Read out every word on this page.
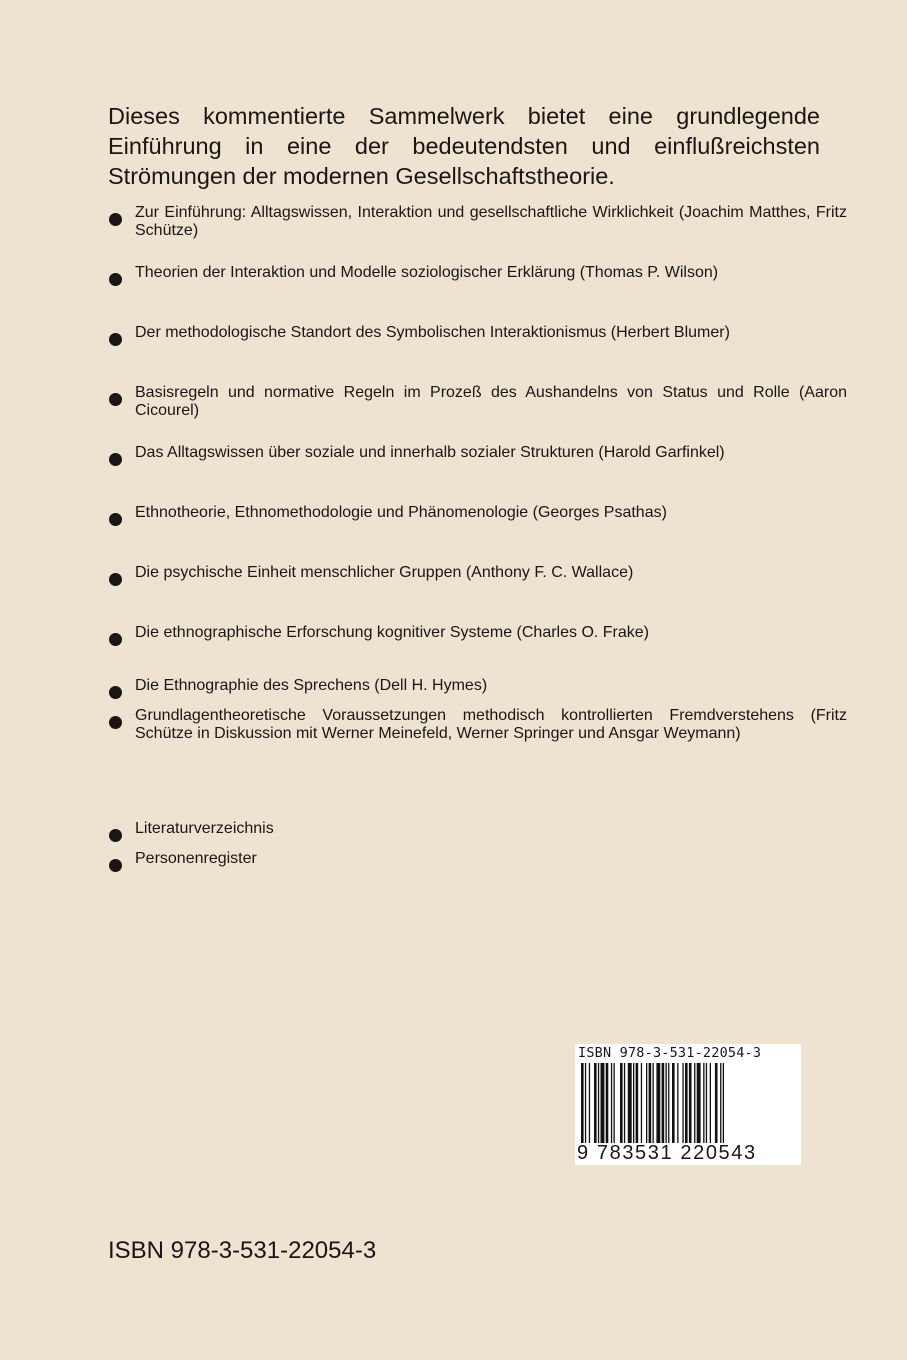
Dieses kommentierte Sammelwerk bietet eine grundlegende Einführung in eine der bedeutendsten und einflußreichsten Strömungen der modernen Gesellschaftstheorie.

Zur Einführung: Alltagswissen, Interaktion und gesellschaftliche Wirklichkeit (Joachim Matthes, Fritz Schütze)
Theorien der Interaktion und Modelle soziologischer Erklärung (Thomas P. Wilson)
Der methodologische Standort des Symbolischen Interaktionismus (Herbert Blumer)
Basisregeln und normative Regeln im Prozeß des Aushandelns von Status und Rolle (Aaron Cicourel)
Das Alltagswissen über soziale und innerhalb sozialer Strukturen (Harold Garfinkel)
Ethnotheorie, Ethnomethodologie und Phänomenologie (Georges Psathas)
Die psychische Einheit menschlicher Gruppen (Anthony F. C. Wallace)
Die ethnographische Erforschung kognitiver Systeme (Charles O. Frake)
Die Ethnographie des Sprechens (Dell H. Hymes)
Grundlagentheoretische Voraussetzungen methodisch kontrollierten Fremdverstehens (Fritz Schütze in Diskussion mit Werner Meinefeld, Werner Springer und Ansgar Weymann)
Literaturverzeichnis
Personenregister
ISBN 978-3-531-22054-3
9 783531 220543

ISBN 978-3-531-22054-3
